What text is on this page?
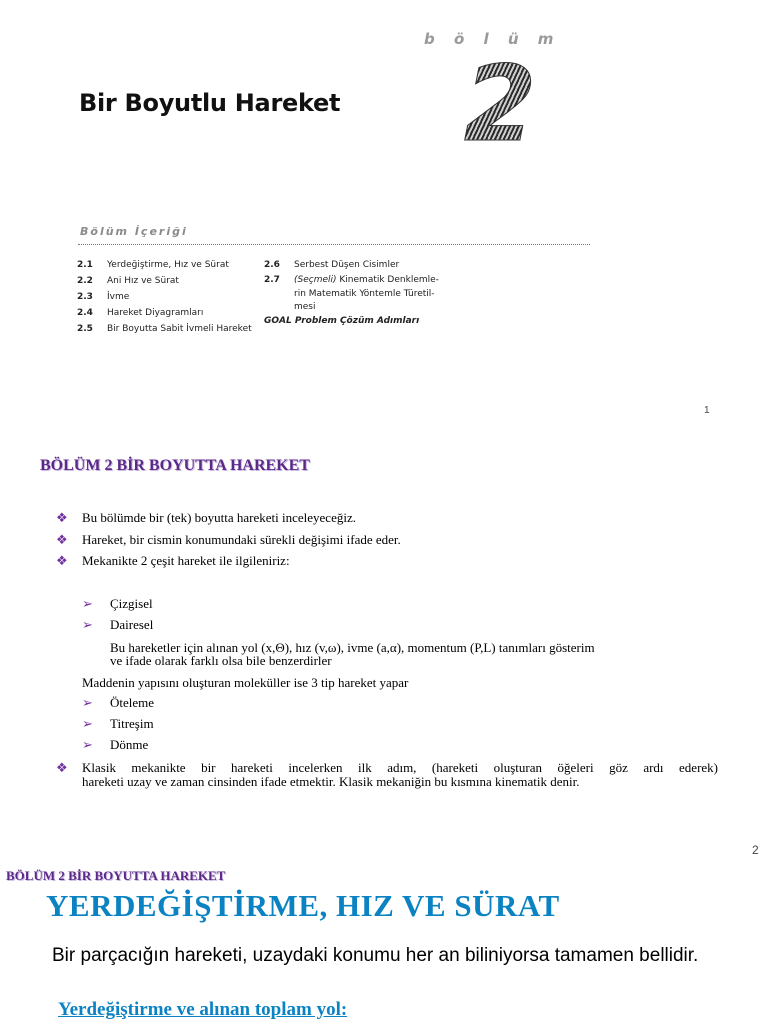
b ö l ü m
Bir Boyutlu Hareket 2
Bölüm İçeriği
2.1	Yerdeğiştirme, Hız ve Sürat
2.2	Ani Hız ve Sürat
2.3	İvme
2.4	Hareket Diyagramları
2.5	Bir Boyutta Sabit İvmeli Hareket
2.6	Serbest Düşen Cisimler
2.7	(Seçmeli) Kinematik Denklemle-
rin Matematik Yöntemle Türetil-
mesi
GOAL Problem Çözüm Adımları
1
BÖLÜM 2 BİR BOYUTTA HAREKET
❖	Bu bölümde bir (tek) boyutta hareketi inceleyeceğiz.
❖	Hareket, bir cismin konumundaki sürekli değişimi ifade eder.
❖	Mekanikte 2 çeşit hareket ile ilgileniriz:
➢	Çizgisel
➢	Dairesel
Bu hareketler için alınan yol (x,Θ), hız (v,ω), ivme (a,α), momentum (P,L) tanımları gösterim
ve ifade olarak farklı olsa bile benzerdirler
Maddenin yapısını oluşturan moleküller ise 3 tip hareket yapar
➢	Öteleme
➢	Titreşim
➢	Dönme
❖	Klasik mekanikte bir hareketi incelerken ilk adım, (hareketi oluşturan öğeleri göz ardı ederek)
hareketi uzay ve zaman cinsinden ifade etmektir. Klasik mekaniğin bu kısmına kinematik denir.
2
BÖLÜM 2 BİR BOYUTTA HAREKET
YERDEĞİŞTİRME, HIZ VE SÜRAT
Bir parçacığın hareketi, uzaydaki konumu her an biliniyorsa tamamen bellidir.
Yerdeğiştirme ve alınan toplam yol:
